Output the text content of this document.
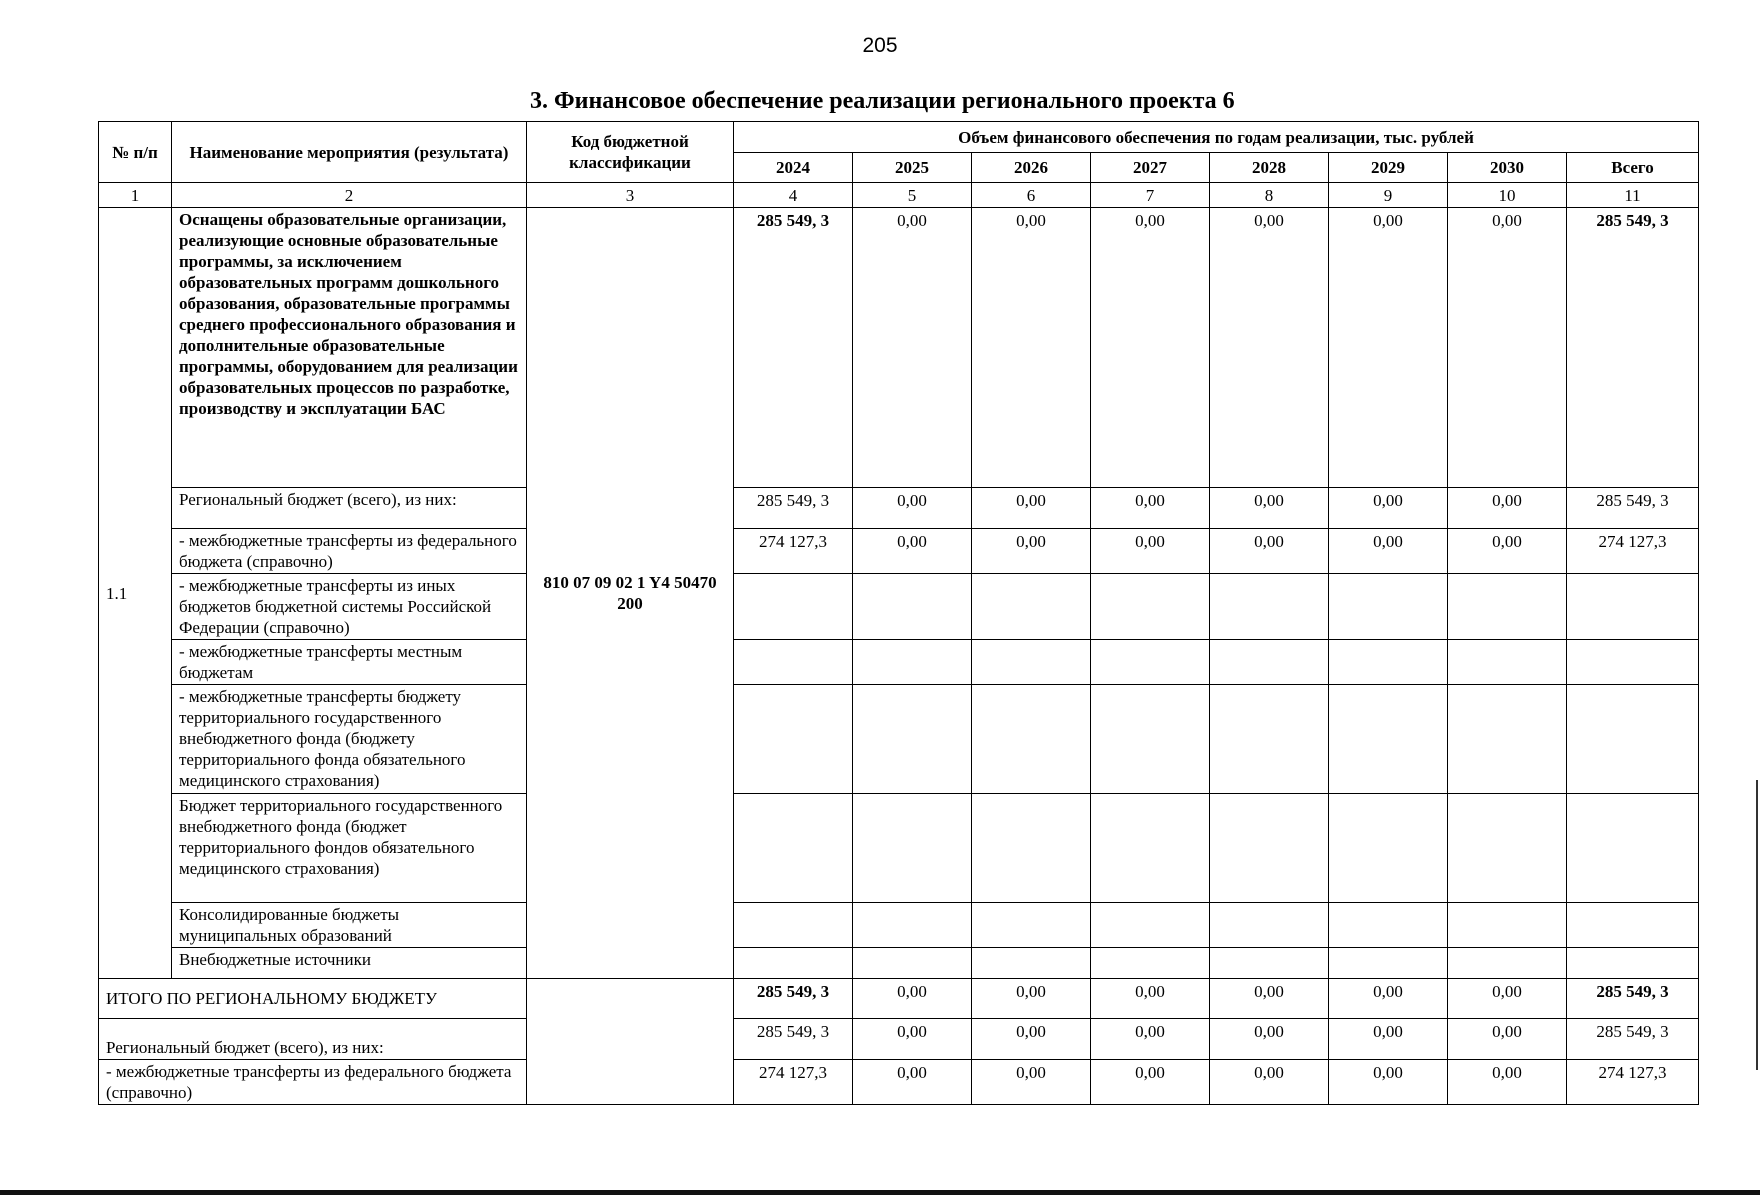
205
3. Финансовое обеспечение реализации регионального проекта 6
№ п/п	Наименование мероприятия (результата)	Код бюджетной классификации	Объем финансового обеспечения по годам реализации, тыс. рублей							
			2024	2025	2026	2027	2028	2029	2030	Всего
1	2	3	4	5	6	7	8	9	10	11
1.1	Оснащены образовательные организации, реализующие основные образовательные программы, за исключением образовательных программ дошкольного образования, образовательные программы среднего профессионального образования и дополнительные образовательные программы, оборудованием для реализации образовательных процессов по разработке, производству и эксплуатации БАС	810 07 09 02 1 Y4 50470 200	285 549, 3	0,00	0,00	0,00	0,00	0,00	0,00	285 549, 3
	Региональный бюджет (всего), из них:		285 549, 3	0,00	0,00	0,00	0,00	0,00	0,00	285 549, 3
	- межбюджетные трансферты из федерального бюджета (справочно)		274 127,3	0,00	0,00	0,00	0,00	0,00	0,00	274 127,3
	- межбюджетные трансферты из иных бюджетов бюджетной системы Российской Федерации (справочно)									
	- межбюджетные трансферты местным бюджетам									
	- межбюджетные трансферты бюджету территориального государственного внебюджетного фонда (бюджету территориального фонда обязательного медицинского страхования)									
	Бюджет территориального государственного внебюджетного фонда (бюджет территориального фондов обязательного медицинского страхования)									
	Консолидированные бюджеты муниципальных образований									
	Внебюджетные источники									
ИТОГО ПО РЕГИОНАЛЬНОМУ БЮДЖЕТУ			285 549, 3	0,00	0,00	0,00	0,00	0,00	0,00	285 549, 3
Региональный бюджет (всего), из них:			285 549, 3	0,00	0,00	0,00	0,00	0,00	0,00	285 549, 3
- межбюджетные трансферты из федерального бюджета (справочно)			274 127,3	0,00	0,00	0,00	0,00	0,00	0,00	274 127,3
